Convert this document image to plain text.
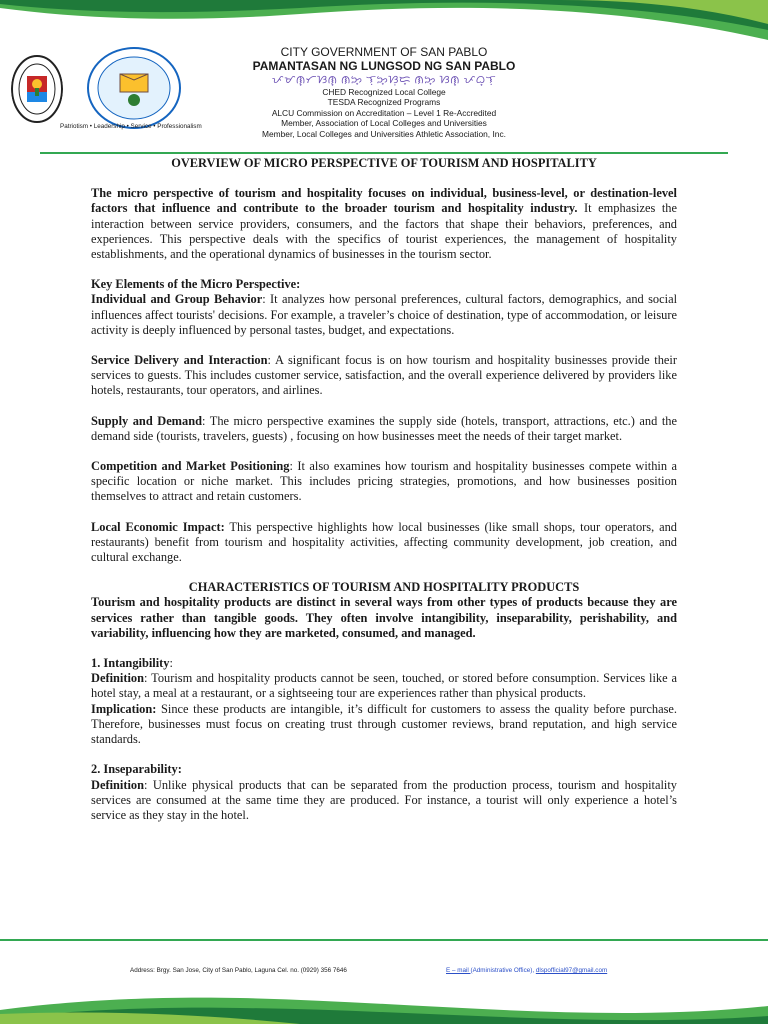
Patriotism • Leadership • Service • Professionalism
CITY GOVERNMENT OF SAN PABLO
PAMANTASAN NG LUNGSOD NG SAN PABLO
ᜉᜋᜈ᜔ᜆᜐᜈ᜔ ᜈᜅ᜔ ᜎᜓᜅ᜔ᜐᜓᜇ᜔ ᜈᜅ᜔ ᜐᜈ᜔ ᜉᜊ᜔ᜎᜓ
CHED Recognized Local College
TESDA Recognized Programs
ALCU Commission on Accreditation – Level 1 Re-Accredited
Member, Association of Local Colleges and Universities
Member, Local Colleges and Universities Athletic Association, Inc.

OVERVIEW OF MICRO PERSPECTIVE OF TOURISM AND HOSPITALITY

The micro perspective of tourism and hospitality focuses on individual, business-level, or destination-level factors that influence and contribute to the broader tourism and hospitality industry. It emphasizes the interaction between service providers, consumers, and the factors that shape their behaviors, preferences, and experiences. This perspective deals with the specifics of tourist experiences, the management of hospitality establishments, and the operational dynamics of businesses in the tourism sector.

Key Elements of the Micro Perspective:

Individual and Group Behavior: It analyzes how personal preferences, cultural factors, demographics, and social influences affect tourists' decisions. For example, a traveler’s choice of destination, type of accommodation, or leisure activity is deeply influenced by personal tastes, budget, and expectations.

Service Delivery and Interaction: A significant focus is on how tourism and hospitality businesses provide their services to guests. This includes customer service, satisfaction, and the overall experience delivered by providers like hotels, restaurants, tour operators, and airlines.

Supply and Demand: The micro perspective examines the supply side (hotels, transport, attractions, etc.) and the demand side (tourists, travelers, guests) , focusing on how businesses meet the needs of their target market.

Competition and Market Positioning: It also examines how tourism and hospitality businesses compete within a specific location or niche market. This includes pricing strategies, promotions, and how businesses position themselves to attract and retain customers.

Local Economic Impact: This perspective highlights how local businesses (like small shops, tour operators, and restaurants) benefit from tourism and hospitality activities, affecting community development, job creation, and cultural exchange.

CHARACTERISTICS OF TOURISM AND HOSPITALITY PRODUCTS

Tourism and hospitality products are distinct in several ways from other types of products because they are services rather than tangible goods. They often involve intangibility, inseparability, perishability, and variability, influencing how they are marketed, consumed, and managed.

1. Intangibility:

Definition: Tourism and hospitality products cannot be seen, touched, or stored before consumption. Services like a hotel stay, a meal at a restaurant, or a sightseeing tour are experiences rather than physical products.

Implication: Since these products are intangible, it’s difficult for customers to assess the quality before purchase. Therefore, businesses must focus on creating trust through customer reviews, brand reputation, and high service standards.

2. Inseparability:

Definition: Unlike physical products that can be separated from the production process, tourism and hospitality services are consumed at the same time they are produced. For instance, a tourist will only experience a hotel’s service as they stay in the hotel.

Address: Brgy. San Jose, City of San Pablo, Laguna Cel. no. (0929) 356 7646	E – mail (Administrative Office), dlspofficial97@gmail.com
